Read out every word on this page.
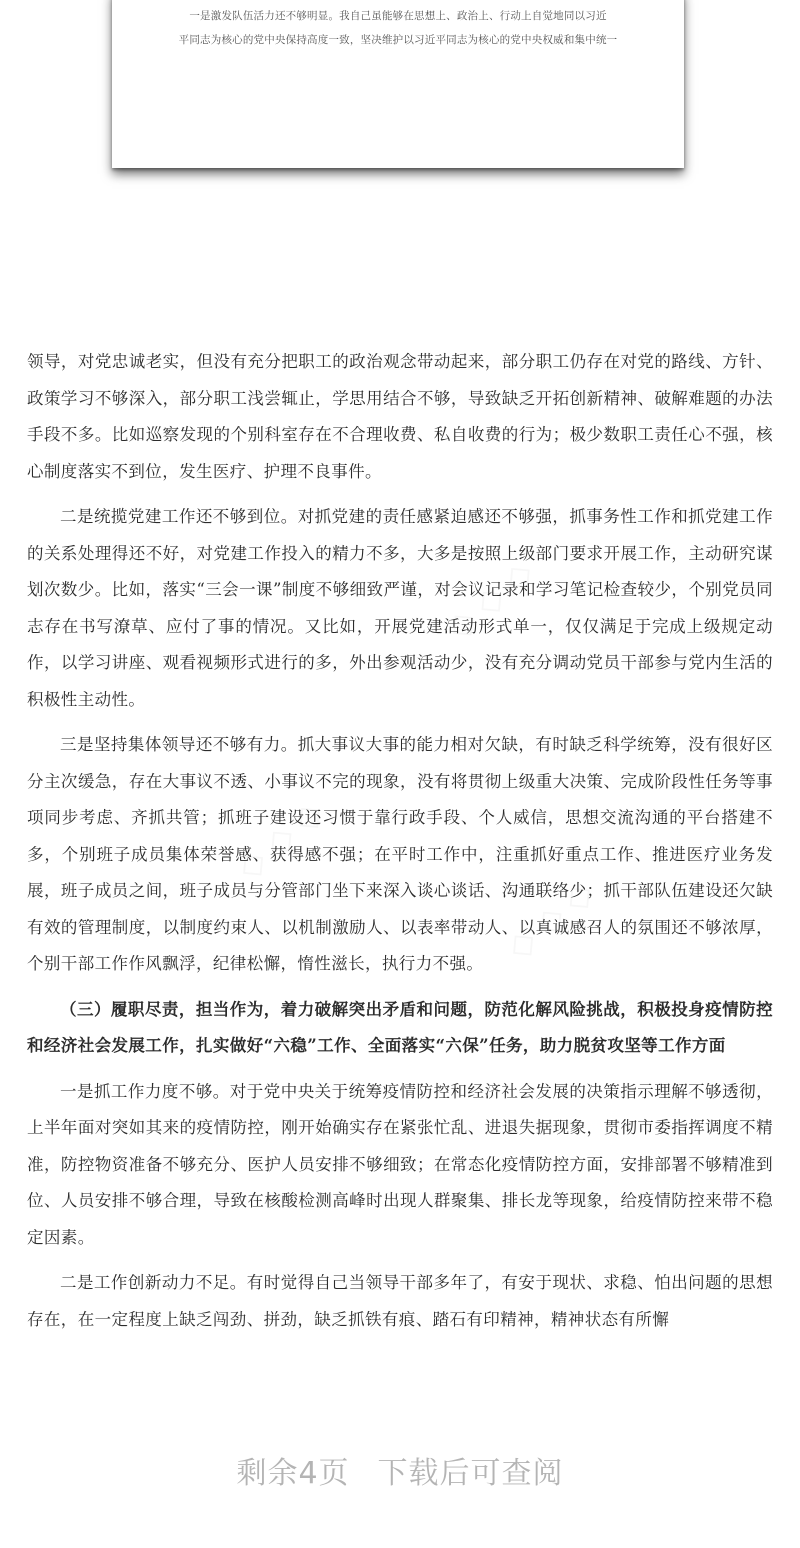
一是激发队伍活力还不够明显。我自己虽能够在思想上、政治上、行动上自觉地同以习近
平同志为核心的党中央保持高度一致，坚决维护以习近平同志为核心的党中央权威和集中统一
◇ ◇ ◇
◇ ◇ ◇
◇ ◇ ◇

领导，对党忠诚老实，但没有充分把职工的政治观念带动起来，部分职工仍存在对党的路线、方针、政策学习不够深入，部分职工浅尝辄止，学思用结合不够，导致缺乏开拓创新精神、破解难题的办法手段不多。比如巡察发现的个别科室存在不合理收费、私自收费的行为；极少数职工责任心不强，核心制度落实不到位，发生医疗、护理不良事件。

二是统揽党建工作还不够到位。对抓党建的责任感紧迫感还不够强，抓事务性工作和抓党建工作的关系处理得还不好，对党建工作投入的精力不多，大多是按照上级部门要求开展工作，主动研究谋划次数少。比如，落实“三会一课”制度不够细致严谨，对会议记录和学习笔记检查较少，个别党员同志存在书写潦草、应付了事的情况。又比如，开展党建活动形式单一，仅仅满足于完成上级规定动作，以学习讲座、观看视频形式进行的多，外出参观活动少，没有充分调动党员干部参与党内生活的积极性主动性。

三是坚持集体领导还不够有力。抓大事议大事的能力相对欠缺，有时缺乏科学统筹，没有很好区分主次缓急，存在大事议不透、小事议不完的现象，没有将贯彻上级重大决策、完成阶段性任务等事项同步考虑、齐抓共管；抓班子建设还习惯于靠行政手段、个人威信，思想交流沟通的平台搭建不多，个别班子成员集体荣誉感、获得感不强；在平时工作中，注重抓好重点工作、推进医疗业务发展，班子成员之间，班子成员与分管部门坐下来深入谈心谈话、沟通联络少；抓干部队伍建设还欠缺有效的管理制度，以制度约束人、以机制激励人、以表率带动人、以真诚感召人的氛围还不够浓厚，个别干部工作作风飘浮，纪律松懈，惰性滋长，执行力不强。

（三）履职尽责，担当作为，着力破解突出矛盾和问题，防范化解风险挑战，积极投身疫情防控和经济社会发展工作，扎实做好“六稳”工作、全面落实“六保”任务，助力脱贫攻坚等工作方面

一是抓工作力度不够。对于党中央关于统筹疫情防控和经济社会发展的决策指示理解不够透彻，上半年面对突如其来的疫情防控，刚开始确实存在紧张忙乱、进退失据现象，贯彻市委指挥调度不精准，防控物资准备不够充分、医护人员安排不够细致；在常态化疫情防控方面，安排部署不够精准到位、人员安排不够合理，导致在核酸检测高峰时出现人群聚集、排长龙等现象，给疫情防控来带不稳定因素。

二是工作创新动力不足。有时觉得自己当领导干部多年了，有安于现状、求稳、怕出问题的思想存在，在一定程度上缺乏闯劲、拼劲，缺乏抓铁有痕、踏石有印精神，精神状态有所懈

剩余4页 下载后可查阅
